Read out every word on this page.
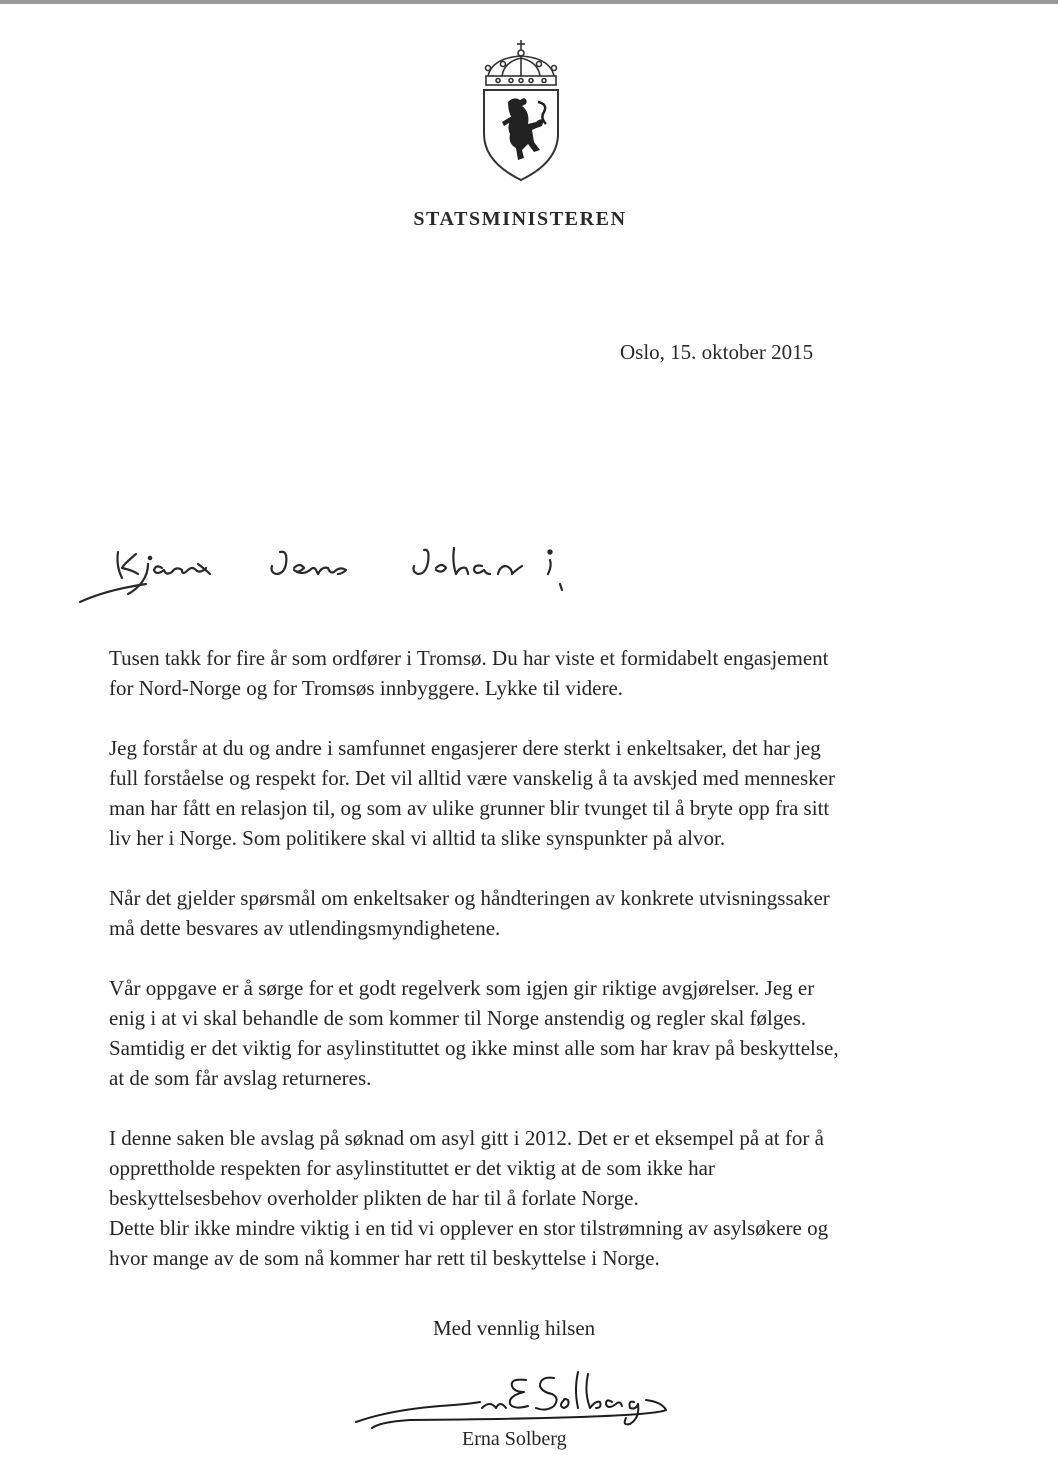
STATSMINISTEREN
Oslo, 15. oktober 2015

Tusen takk for fire år som ordfører i Tromsø. Du har viste et formidabelt engasjement
for Nord-Norge og for Tromsøs innbyggere. Lykke til videre.

Jeg forstår at du og andre i samfunnet engasjerer dere sterkt i enkeltsaker, det har jeg
full forståelse og respekt for. Det vil alltid være vanskelig å ta avskjed med mennesker
man har fått en relasjon til, og som av ulike grunner blir tvunget til å bryte opp fra sitt
liv her i Norge. Som politikere skal vi alltid ta slike synspunkter på alvor.

Når det gjelder spørsmål om enkeltsaker og håndteringen av konkrete utvisningssaker
må dette besvares av utlendingsmyndighetene.

Vår oppgave er å sørge for et godt regelverk som igjen gir riktige avgjørelser. Jeg er
enig i at vi skal behandle de som kommer til Norge anstendig og regler skal følges.
Samtidig er det viktig for asylinstituttet og ikke minst alle som har krav på beskyttelse,
at de som får avslag returneres.

I denne saken ble avslag på søknad om asyl gitt i 2012. Det er et eksempel på at for å
opprettholde respekten for asylinstituttet er det viktig at de som ikke har
beskyttelsesbehov overholder plikten de har til å forlate Norge.
Dette blir ikke mindre viktig i en tid vi opplever en stor tilstrømning av asylsøkere og
hvor mange av de som nå kommer har rett til beskyttelse i Norge.

Med vennlig hilsen
Erna Solberg
